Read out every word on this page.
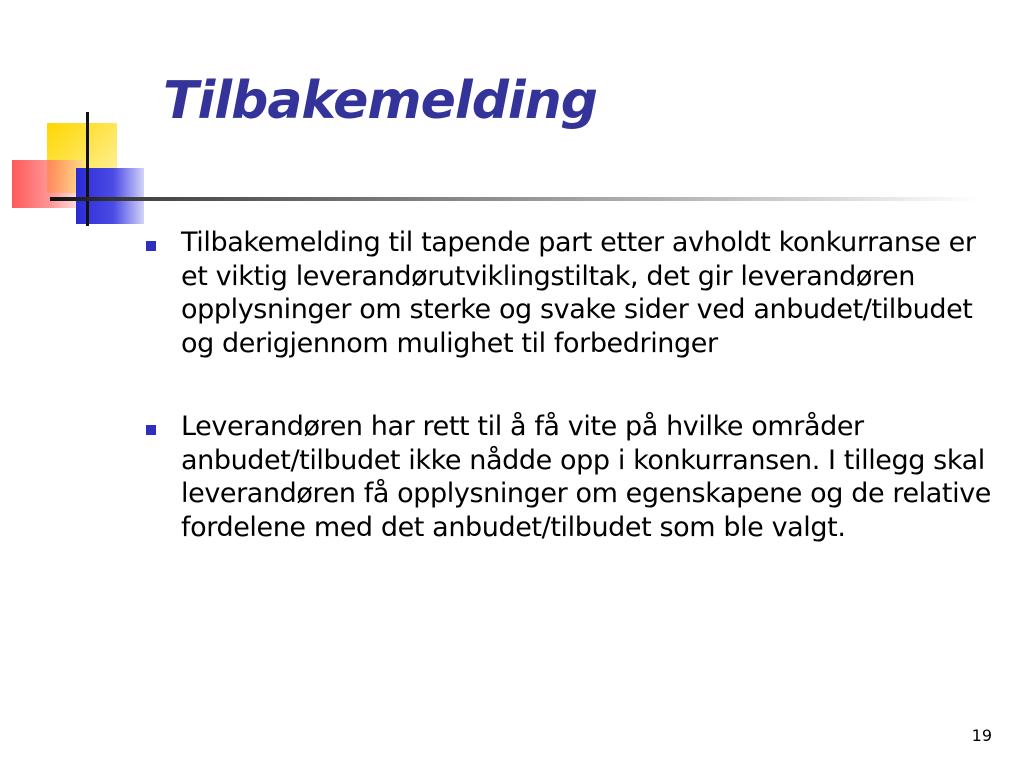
Tilbakemelding
Tilbakemelding til tapende part etter avholdt konkurranse er et viktig leverandørutviklingstiltak, det gir leverandøren opplysninger om sterke og svake sider ved anbudet/tilbudet og derigjennom mulighet til forbedringer
Leverandøren har rett til å få vite på hvilke områder anbudet/tilbudet ikke nådde opp i konkurransen. I tillegg skal leverandøren få opplysninger om egenskapene og de relative fordelene med det anbudet/tilbudet som ble valgt.
19
